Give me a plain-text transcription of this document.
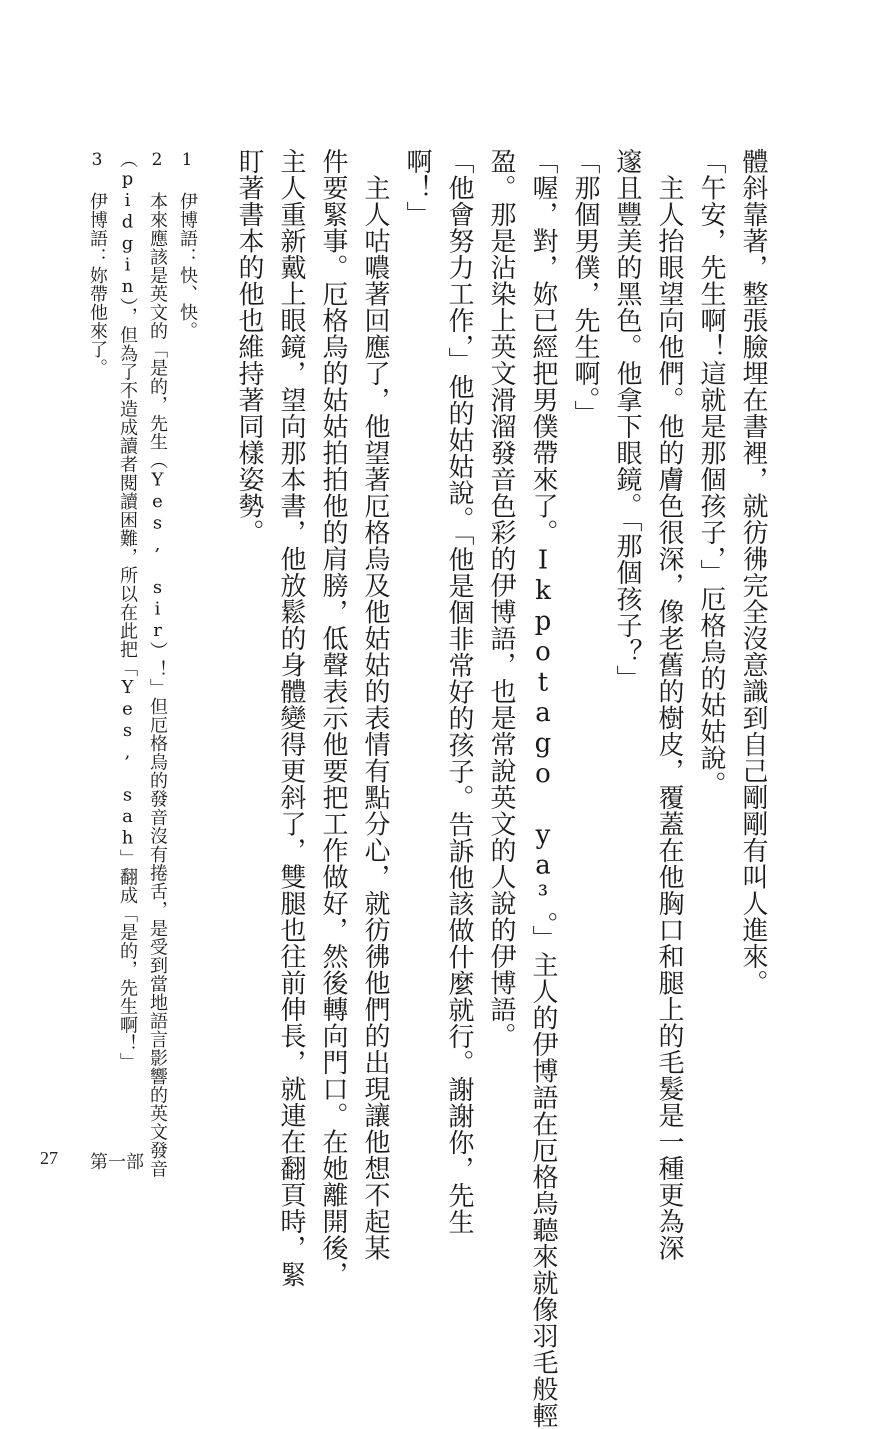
體斜靠著，整張臉埋在書裡，就彷彿完全沒意識到自己剛剛有叫人進來。
「午安，先生啊！這就是那個孩子，」厄格烏的姑姑說。
　主人抬眼望向他們。他的膚色很深，像老舊的樹皮，覆蓋在他胸口和腿上的毛髮是一種更為深
邃且豐美的黑色。他拿下眼鏡。「那個孩子？」
「那個男僕，先生啊。」
「喔，對，妳已經把男僕帶來了。Ikpotago ya³。」主人的伊博語在厄格烏聽來就像羽毛般輕
盈。那是沾染上英文滑溜發音色彩的伊博語，也是常說英文的人說的伊博語。
「他會努力工作，」他的姑姑說。「他是個非常好的孩子。告訴他該做什麼就行。謝謝你，先生
啊！」
　主人咕噥著回應了，他望著厄格烏及他姑姑的表情有點分心，就彷彿他們的出現讓他想不起某
件要緊事。厄格烏的姑姑拍拍他的肩膀，低聲表示他要把工作做好，然後轉向門口。在她離開後，
主人重新戴上眼鏡，望向那本書，他放鬆的身體變得更斜了，雙腿也往前伸長，就連在翻頁時，緊
盯著書本的他也維持著同樣姿勢。
1 伊博語：快、快。
2 本來應該是英文的「是的，先生（Yes, sir）！」但厄格烏的發音沒有捲舌，是受到當地語言影響的英文發音
（pidgin），但為了不造成讀者閱讀困難，所以在此把「Yes, sah」翻成「是的，先生啊！」
3 伊博語：妳帶他來了。
27 第一部
